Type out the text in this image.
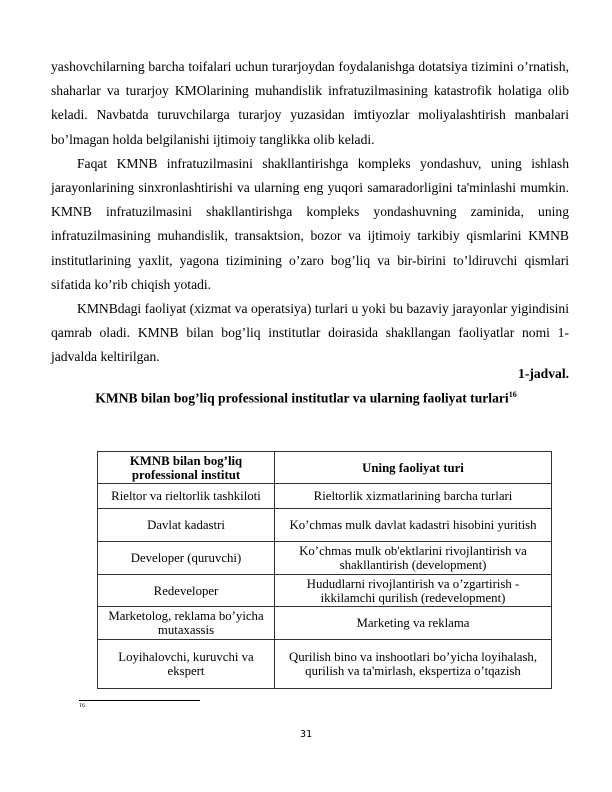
yashovchilarning barcha toifalari uchun turarjoydan foydalanishga dotatsiya tizimini o’rnatish, shaharlar va turarjoy KMOlarining muhandislik infratuzilmasining katastrofik holatiga olib keladi. Navbatda turuvchilarga turarjoy yuzasidan imtiyozlar moliyalashtirish manbalari bo’lmagan holda belgilanishi ijtimoiy tanglikka olib keladi.

Faqat KMNB infratuzilmasini shakllantirishga kompleks yondashuv, uning ishlash jarayonlarining sinxronlashtirishi va ularning eng yuqori samaradorligini ta'minlashi mumkin. KMNB infratuzilmasini shakllantirishga kompleks yondashuvning zaminida, uning infratuzilmasining muhandislik, transaktsion, bozor va ijtimoiy tarkibiy qismlarini KMNB institutlarining yaxlit, yagona tizimining o’zaro bog’liq va bir-birini to’ldiruvchi qismlari sifatida ko’rib chiqish yotadi.

KMNBdagi faoliyat (xizmat va operatsiya) turlari u yoki bu bazaviy jarayonlar yigindisini qamrab oladi. KMNB bilan bog’liq institutlar doirasida shakllangan faoliyatlar nomi 1-jadvalda keltirilgan.

1-jadval.
KMNB bilan bog’liq professional institutlar va ularning faoliyat turlari$^{16}$
KMNB bilan bog’liq professional institut	Uning faoliyat turi
Rieltor va rieltorlik tashkiloti	Rieltorlik xizmatlarining barcha turlari
Davlat kadastri	Ko’chmas mulk davlat kadastri hisobini yuritish
Developer (quruvchi)	Ko’chmas mulk ob'ektlarini rivojlantirish va shakllantirish (development)
Redeveloper	Hududlarni rivojlantirish va o’zgartirish - ikkilamchi qurilish (redevelopment)
Marketolog, reklama bo’yicha mutaxassis	Marketing va reklama
Loyihalovchi, kuruvchi va ekspert	Qurilish bino va inshootlari bo’yicha loyihalash, qurilish va ta'mirlash, ekspertiza o’tqazish
16
31
